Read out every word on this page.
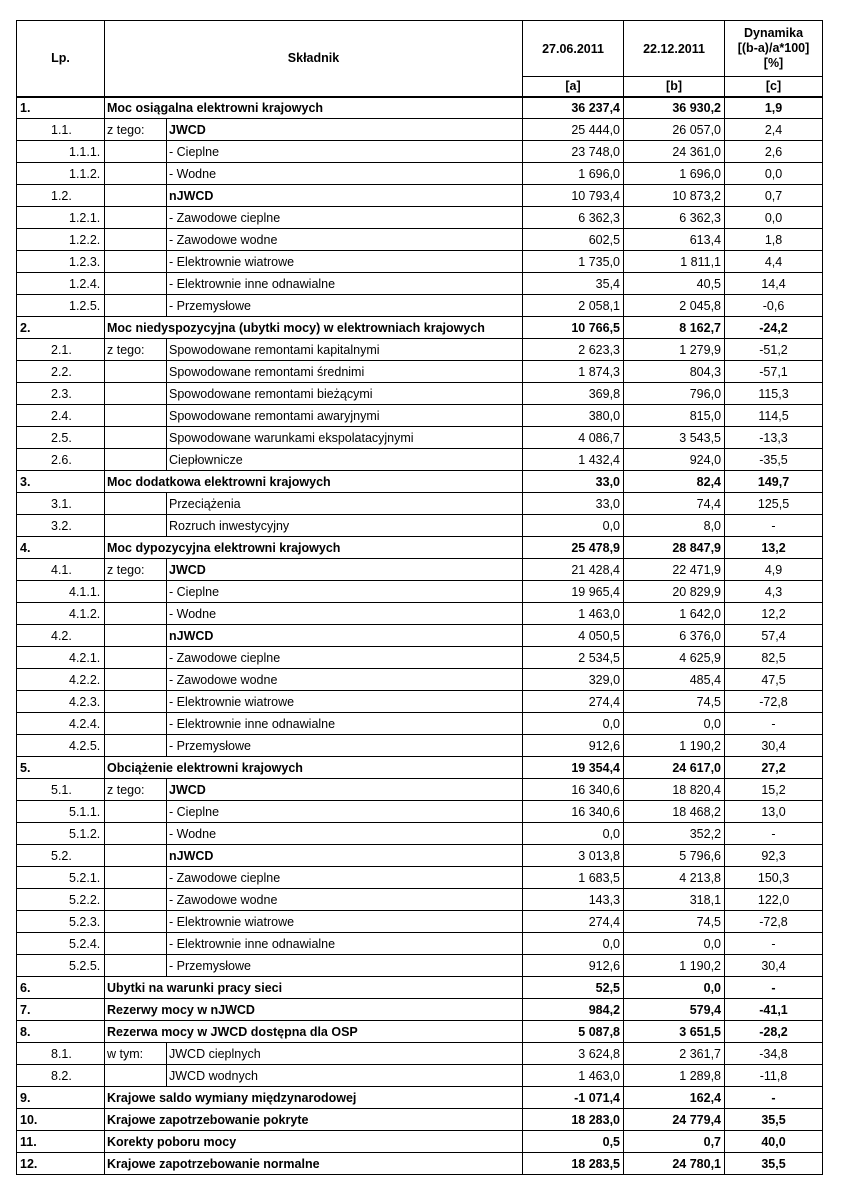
Lp.	Składnik		27.06.2011	22.12.2011	Dynamika
[(b-a)/a*100]
[%]

			[a]	[b]	[c]
1.	Moc osiągalna elektrowni krajowych		36 237,4	36 930,2	1,9
1.1.	z tego:	JWCD	25 444,0	26 057,0	2,4
1.1.1.		- Cieplne	23 748,0	24 361,0	2,6
1.1.2.		- Wodne	1 696,0	1 696,0	0,0
1.2.		nJWCD	10 793,4	10 873,2	0,7
1.2.1.		- Zawodowe cieplne	6 362,3	6 362,3	0,0
1.2.2.		- Zawodowe wodne	602,5	613,4	1,8
1.2.3.		- Elektrownie wiatrowe	1 735,0	1 811,1	4,4
1.2.4.		- Elektrownie inne odnawialne	35,4	40,5	14,4
1.2.5.		- Przemysłowe	2 058,1	2 045,8	-0,6
2.	Moc niedyspozycyjna (ubytki mocy) w elektrowniach krajowych		10 766,5	8 162,7	-24,2
2.1.	z tego:	Spowodowane remontami kapitalnymi	2 623,3	1 279,9	-51,2
2.2.		Spowodowane remontami średnimi	1 874,3	804,3	-57,1
2.3.		Spowodowane remontami bieżącymi	369,8	796,0	115,3
2.4.		Spowodowane remontami awaryjnymi	380,0	815,0	114,5
2.5.		Spowodowane warunkami ekspolatacyjnymi	4 086,7	3 543,5	-13,3
2.6.		Ciepłownicze	1 432,4	924,0	-35,5
3.	Moc dodatkowa elektrowni krajowych		33,0	82,4	149,7
3.1.		Przeciążenia	33,0	74,4	125,5
3.2.		Rozruch inwestycyjny	0,0	8,0	-
4.	Moc dypozycyjna elektrowni krajowych		25 478,9	28 847,9	13,2
4.1.	z tego:	JWCD	21 428,4	22 471,9	4,9
4.1.1.		- Cieplne	19 965,4	20 829,9	4,3
4.1.2.		- Wodne	1 463,0	1 642,0	12,2
4.2.		nJWCD	4 050,5	6 376,0	57,4
4.2.1.		- Zawodowe cieplne	2 534,5	4 625,9	82,5
4.2.2.		- Zawodowe wodne	329,0	485,4	47,5
4.2.3.		- Elektrownie wiatrowe	274,4	74,5	-72,8
4.2.4.		- Elektrownie inne odnawialne	0,0	0,0	-
4.2.5.		- Przemysłowe	912,6	1 190,2	30,4
5.	Obciążenie elektrowni krajowych		19 354,4	24 617,0	27,2
5.1.	z tego:	JWCD	16 340,6	18 820,4	15,2
5.1.1.		- Cieplne	16 340,6	18 468,2	13,0
5.1.2.		- Wodne	0,0	352,2	-
5.2.		nJWCD	3 013,8	5 796,6	92,3
5.2.1.		- Zawodowe cieplne	1 683,5	4 213,8	150,3
5.2.2.		- Zawodowe wodne	143,3	318,1	122,0
5.2.3.		- Elektrownie wiatrowe	274,4	74,5	-72,8
5.2.4.		- Elektrownie inne odnawialne	0,0	0,0	-
5.2.5.		- Przemysłowe	912,6	1 190,2	30,4
6.	Ubytki na warunki pracy sieci		52,5	0,0	-
7.	Rezerwy mocy w nJWCD		984,2	579,4	-41,1
8.	Rezerwa mocy w JWCD dostępna dla OSP		5 087,8	3 651,5	-28,2
8.1.	w tym:	JWCD cieplnych	3 624,8	2 361,7	-34,8
8.2.		JWCD wodnych	1 463,0	1 289,8	-11,8
9.	Krajowe saldo wymiany międzynarodowej		-1 071,4	162,4	-
10.	Krajowe zapotrzebowanie pokryte		18 283,0	24 779,4	35,5
11.	Korekty poboru mocy		0,5	0,7	40,0
12.	Krajowe zapotrzebowanie normalne		18 283,5	24 780,1	35,5
